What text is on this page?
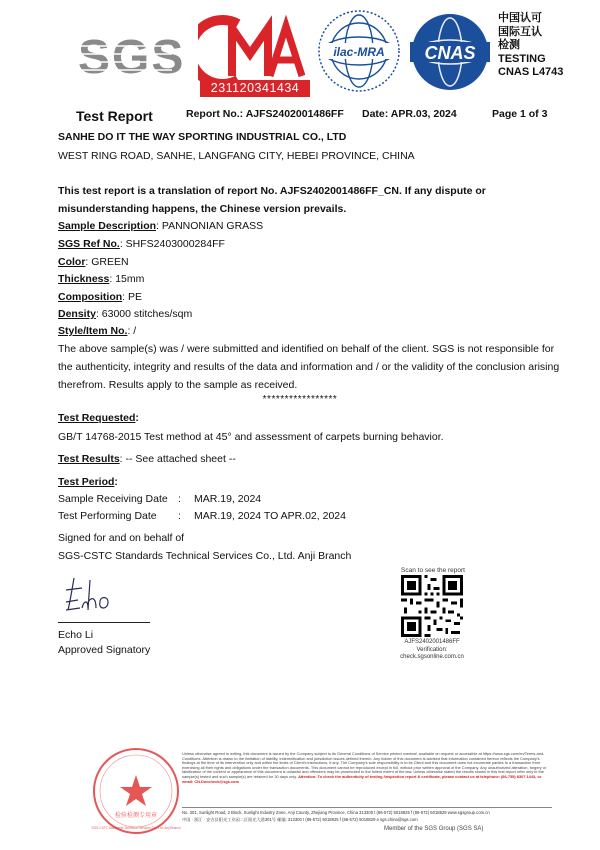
SGS
231120341434
ilac-MRA CNAS
中国认可
国际互认
检测
TESTING
CNAS L4743
Test Report	Report No.: AJFS2402001486FF Date: APR.03, 2024	Page 1 of 3
SANHE DO IT THE WAY SPORTING INDUSTRIAL CO., LTD
WEST RING ROAD, SANHE, LANGFANG CITY, HEBEI PROVINCE, CHINA
This test report is a translation of report No. AJFS2402001486FF_CN. If any dispute or
misunderstanding happens, the Chinese version prevails.
Sample Description: PANNONIAN GRASS
SGS Ref No.: SHFS2403000284FF
Color: GREEN
Thickness: 15mm
Composition: PE
Density: 63000 stitches/sqm
Style/Item No.: /
The above sample(s) was / were submitted and identified on behalf of the client. SGS is not responsible for
the authenticity, integrity and results of the data and information and / or the validity of the conclusion arising
therefrom. Results apply to the sample as received.
*****************
Test Requested:
GB/T 14768-2015 Test method at 45° and assessment of carpets burning behavior.
Test Results: -- See attached sheet --
Test Period:
Sample Receiving Date : MAR.19, 2024
Test Performing Date : MAR.19, 2024 TO APR.02, 2024
Signed for and on behalf of
SGS-CSTC Standards Technical Services Co., Ltd. Anji Branch
Echo
Echo Li
Approved Signatory
Scan to see the report
AJFS2402001486FF
Verification:
check.sgsonline.com.cn
检验检测专用章
SGS-CSTC Standards Technical Services Co., Ltd. Anji Branch
Unless otherwise agreed in writing, this document is issued by the Company subject to its General Conditions of Service printed overleaf, available on request or accessible at https://www.sgs.com/en/Terms-and-Conditions. Attention is drawn to the limitation of liability, indemnification and jurisdiction issues defined therein. Any holder of this document is advised that information contained hereon reflects the Company's findings at the time of its intervention only and within the limits of Client's instructions, if any. The Company's sole responsibility is to its Client and this document does not exonerate parties to a transaction from exercising all their rights and obligations under the transaction documents. This document cannot be reproduced except in full, without prior written approval of the Company. Any unauthorized alteration, forgery or falsification of the content or appearance of this document is unlawful and offenders may be prosecuted to the fullest extent of the law. Unless otherwise stated the results shown in this test report refer only to the sample(s) tested and such sample(s) are retained for 30 days only. Attention: To check the authenticity of testing /inspection report & certificate, please contact us at telephone: (86-755) 8307 1443, or email: CN.Doccheck@sgs.com
No. 301, Sunlight Road, 2 Block, Sunlight Industry Zone, Anji County, Zhejiang Province, China 313300 t (86-572) 5018825 f (86-572) 5018829 www.sgsgroup.com.cn
中国 · 浙江 · 安吉县阳光工业园二区阳光大道301号 邮编: 313300 t (86-572) 5018825 f (86-572) 5018829 e sgs.china@sgs.com
Member of the SGS Group (SGS SA)
